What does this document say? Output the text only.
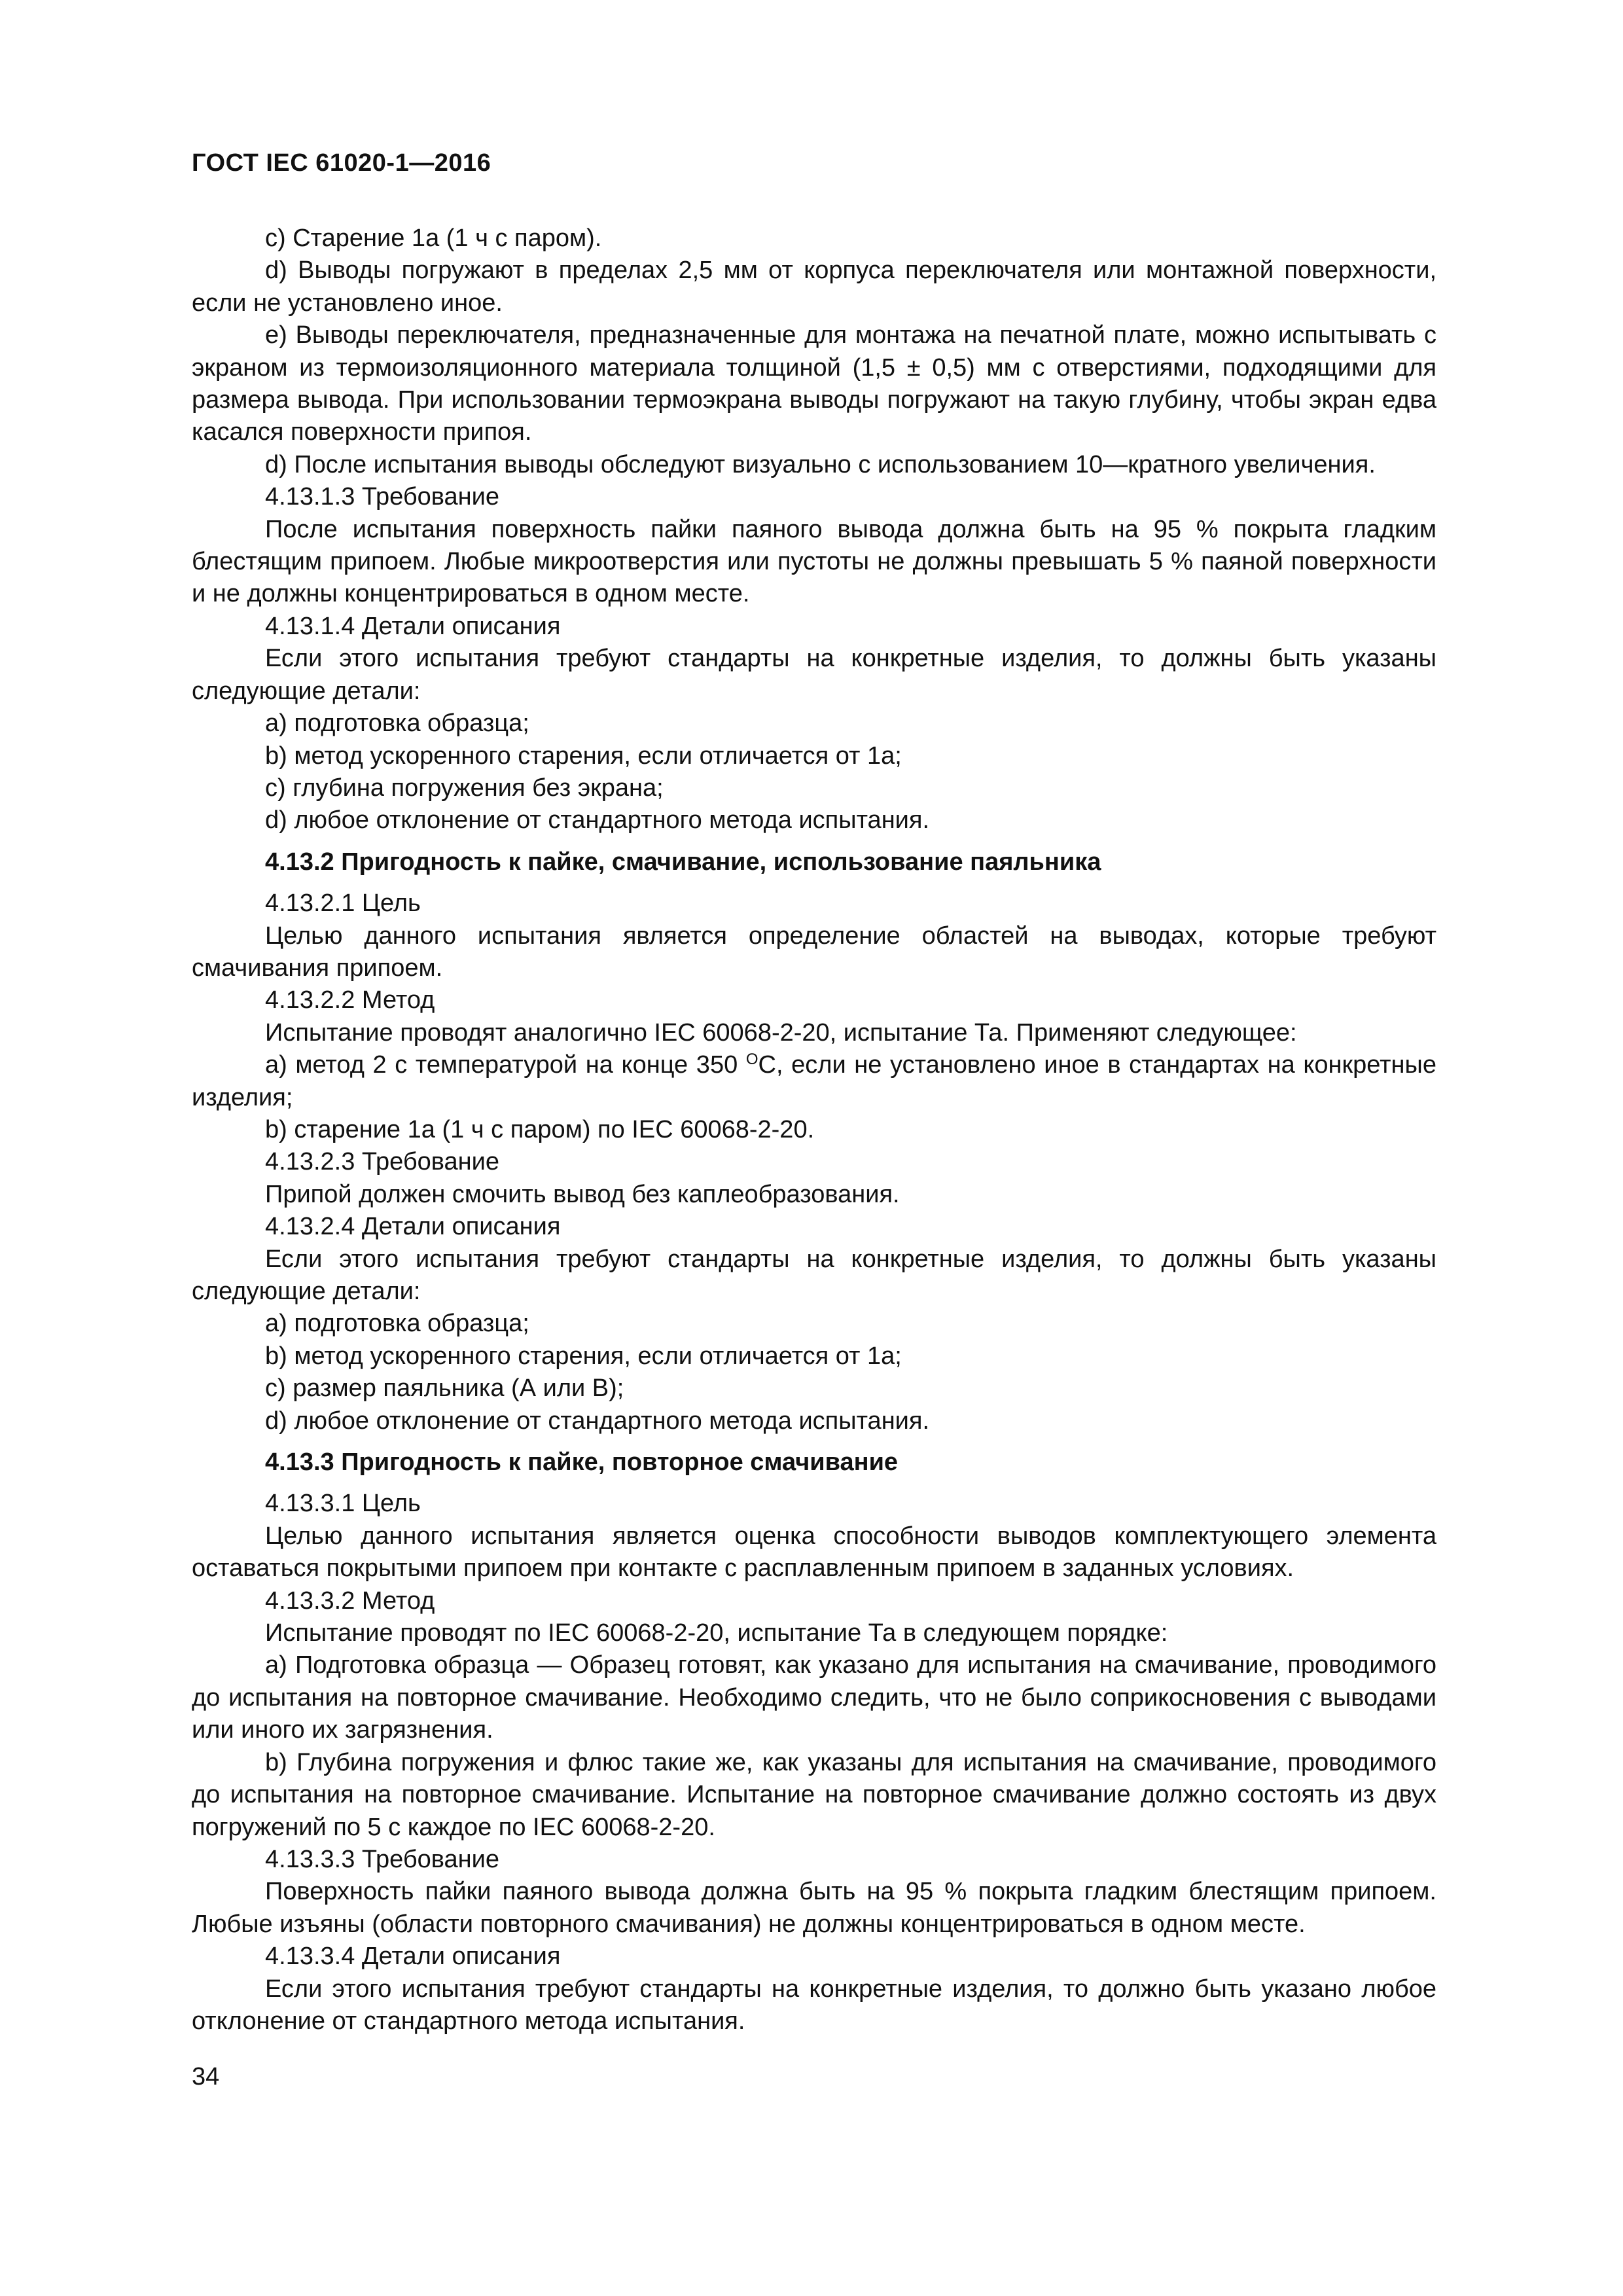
ГОСТ IEC 61020-1—2016

c) Старение 1а (1 ч с паром).

d) Выводы погружают в пределах 2,5 мм от корпуса переключателя или монтажной поверхности, если не установлено иное.

е) Выводы переключателя, предназначенные для монтажа на печатной плате, можно испытывать с экраном из термоизоляционного материала толщиной (1,5 ± 0,5) мм с отверстиями, подходящими для размера вывода. При использовании термоэкрана выводы погружают на такую глубину, чтобы экран едва касался поверхности припоя.

d) После испытания выводы обследуют визуально с использованием 10—кратного увеличения.

4.13.1.3 Требование

После испытания поверхность пайки паяного вывода должна быть на 95 % покрыта гладким блестящим припоем. Любые микроотверстия или пустоты не должны превышать 5 % паяной поверхности и не должны концентрироваться в одном месте.

4.13.1.4 Детали описания

Если этого испытания требуют стандарты на конкретные изделия, то должны быть указаны следующие детали:

а) подготовка образца;

b) метод ускоренного старения, если отличается от 1а;

с) глубина погружения без экрана;

d) любое отклонение от стандартного метода испытания.

4.13.2 Пригодность к пайке, смачивание, использование паяльника

4.13.2.1 Цель

Целью данного испытания является определение областей на выводах, которые требуют смачивания припоем.

4.13.2.2 Метод

Испытание проводят аналогично IEC 60068-2-20, испытание Та. Применяют следующее:

а) метод 2 с температурой на конце 350 $^О$С, если не установлено иное в стандартах на конкретные изделия;

b) старение 1а (1 ч с паром) по IEC 60068-2-20.

4.13.2.3 Требование

Припой должен смочить вывод без каплеобразования.

4.13.2.4 Детали описания

Если этого испытания требуют стандарты на конкретные изделия, то должны быть указаны следующие детали:

а) подготовка образца;

b) метод ускоренного старения, если отличается от 1а;

с) размер паяльника (А или В);

d) любое отклонение от стандартного метода испытания.

4.13.3 Пригодность к пайке, повторное смачивание

4.13.3.1 Цель

Целью данного испытания является оценка способности выводов комплектующего элемента оставаться покрытыми припоем при контакте с расплавленным припоем в заданных условиях.

4.13.3.2 Метод

Испытание проводят по IEC 60068-2-20, испытание Та в следующем порядке:

а) Подготовка образца — Образец готовят, как указано для испытания на смачивание, проводимого до испытания на повторное смачивание. Необходимо следить, что не было соприкосновения с выводами или иного их загрязнения.

b) Глубина погружения и флюс такие же, как указаны для испытания на смачивание, проводимого до испытания на повторное смачивание. Испытание на повторное смачивание должно состоять из двух погружений по 5 с каждое по IEC 60068-2-20.

4.13.3.3 Требование

Поверхность пайки паяного вывода должна быть на 95 % покрыта гладким блестящим припоем. Любые изъяны (области повторного смачивания) не должны концентрироваться в одном месте.

4.13.3.4 Детали описания

Если этого испытания требуют стандарты на конкретные изделия, то должно быть указано любое отклонение от стандартного метода испытания.

34
